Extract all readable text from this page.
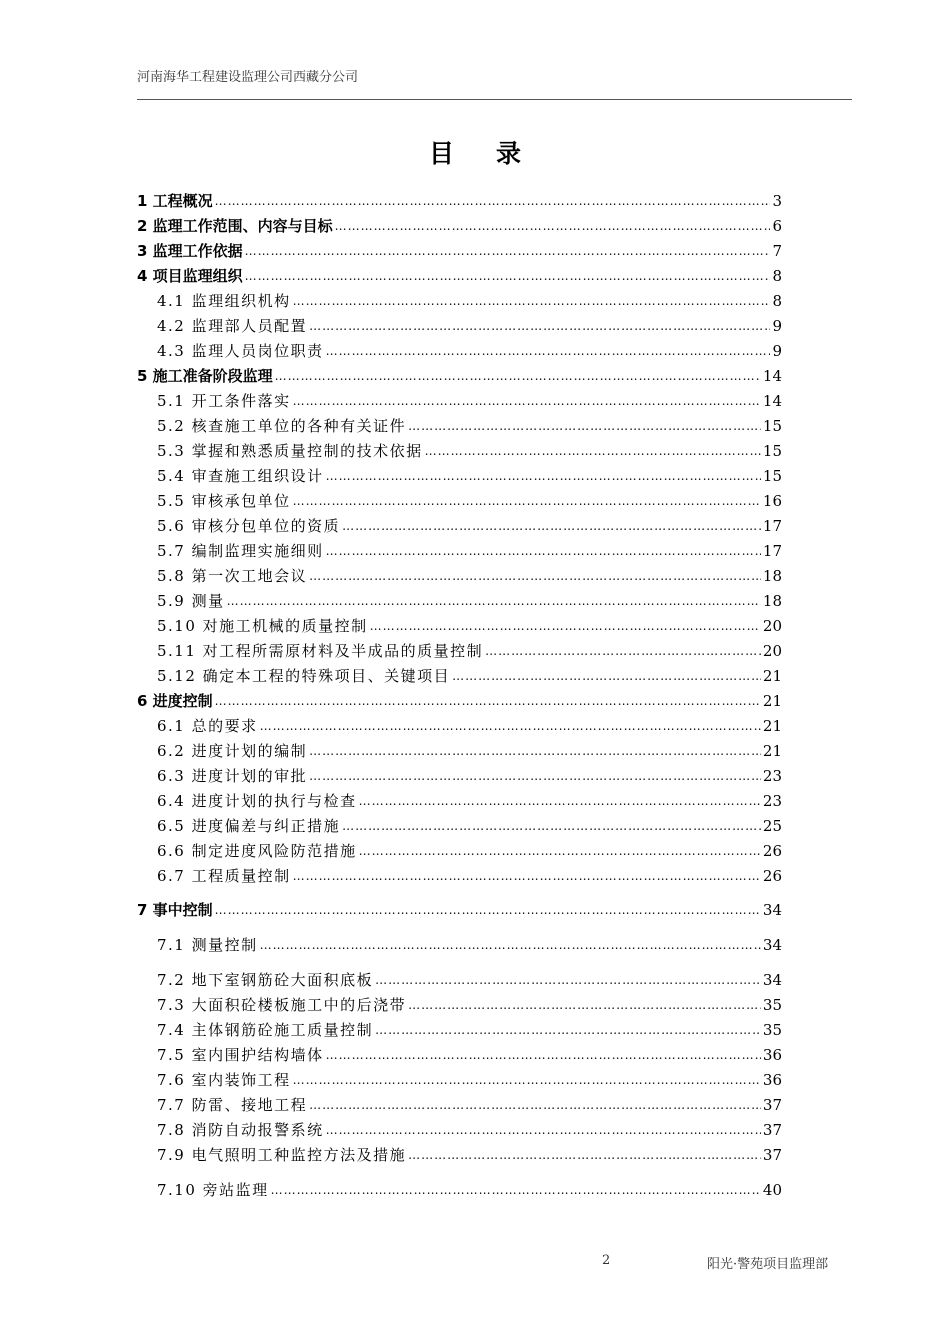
河南海华工程建设监理公司西藏分公司
目录
1 工程概况 …………………………………………………………………………………………………………………………………………………………………………	3
2 监理工作范围、内容与目标 …………………………………………………………………………………………………………………………………………………………………………	6
3 监理工作依据 …………………………………………………………………………………………………………………………………………………………………………	7
4 项目监理组织 …………………………………………………………………………………………………………………………………………………………………………	8
4.1 监理组织机构 …………………………………………………………………………………………………………………………………………………………………………	8
4.2 监理部人员配置 …………………………………………………………………………………………………………………………………………………………………………	9
4.3 监理人员岗位职责 …………………………………………………………………………………………………………………………………………………………………………	9
5 施工准备阶段监理 …………………………………………………………………………………………………………………………………………………………………………	14
5.1 开工条件落实 …………………………………………………………………………………………………………………………………………………………………………	14
5.2 核查施工单位的各种有关证件 …………………………………………………………………………………………………………………………………………………………………………	15
5.3 掌握和熟悉质量控制的技术依据 …………………………………………………………………………………………………………………………………………………………………………	15
5.4 审查施工组织设计 …………………………………………………………………………………………………………………………………………………………………………	15
5.5 审核承包单位 …………………………………………………………………………………………………………………………………………………………………………	16
5.6 审核分包单位的资质 …………………………………………………………………………………………………………………………………………………………………………	17
5.7 编制监理实施细则 …………………………………………………………………………………………………………………………………………………………………………	17
5.8 第一次工地会议 …………………………………………………………………………………………………………………………………………………………………………	18
5.9 测量 …………………………………………………………………………………………………………………………………………………………………………	18
5.10 对施工机械的质量控制 …………………………………………………………………………………………………………………………………………………………………………	20
5.11 对工程所需原材料及半成品的质量控制 …………………………………………………………………………………………………………………………………………………………………………	20
5.12 确定本工程的特殊项目、关键项目 …………………………………………………………………………………………………………………………………………………………………………	21
6 进度控制 …………………………………………………………………………………………………………………………………………………………………………	21
6.1 总的要求 …………………………………………………………………………………………………………………………………………………………………………	21
6.2 进度计划的编制 …………………………………………………………………………………………………………………………………………………………………………	21
6.3 进度计划的审批 …………………………………………………………………………………………………………………………………………………………………………	23
6.4 进度计划的执行与检查 …………………………………………………………………………………………………………………………………………………………………………	23
6.5 进度偏差与纠正措施 …………………………………………………………………………………………………………………………………………………………………………	25
6.6 制定进度风险防范措施 …………………………………………………………………………………………………………………………………………………………………………	26
6.7 工程质量控制 …………………………………………………………………………………………………………………………………………………………………………	26
7 事中控制 …………………………………………………………………………………………………………………………………………………………………………	34
7.1 测量控制 …………………………………………………………………………………………………………………………………………………………………………	34
7.2 地下室钢筋砼大面积底板 …………………………………………………………………………………………………………………………………………………………………………	34
7.3 大面积砼楼板施工中的后浇带 …………………………………………………………………………………………………………………………………………………………………………	35
7.4 主体钢筋砼施工质量控制 …………………………………………………………………………………………………………………………………………………………………………	35
7.5 室内围护结构墙体 …………………………………………………………………………………………………………………………………………………………………………	36
7.6 室内装饰工程 …………………………………………………………………………………………………………………………………………………………………………	36
7.7 防雷、接地工程 …………………………………………………………………………………………………………………………………………………………………………	37
7.8 消防自动报警系统 …………………………………………………………………………………………………………………………………………………………………………	37
7.9 电气照明工种监控方法及措施 …………………………………………………………………………………………………………………………………………………………………………	37
7.10 旁站监理 …………………………………………………………………………………………………………………………………………………………………………	40
2	阳光·警苑项目监理部
